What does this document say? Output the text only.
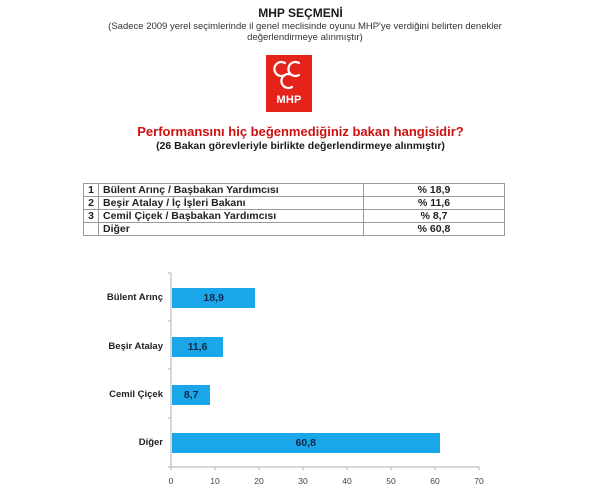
MHP SEÇMENİ
(Sadece 2009 yerel seçimlerinde il genel meclisinde oyunu MHP'ye verdiğini belirten denekler
değerlendirmeye alınmıştır)
MHP
Performansını hiç beğenmediğiniz bakan hangisidir?
(26 Bakan görevleriyle birlikte değerlendirmeye alınmıştır)
1	Bülent Arınç / Başbakan Yardımcısı	% 18,9
2	Beşir Atalay / İç İşleri Bakanı	% 11,6
3	Cemil Çiçek / Başbakan Yardımcısı	% 8,7
	Diğer	% 60,8
0	10	20	30	40	50	60	70
Bülent Arınç	18,9
Beşir Atalay	11,6
Cemil Çiçek	8,7
Diğer	60,8
